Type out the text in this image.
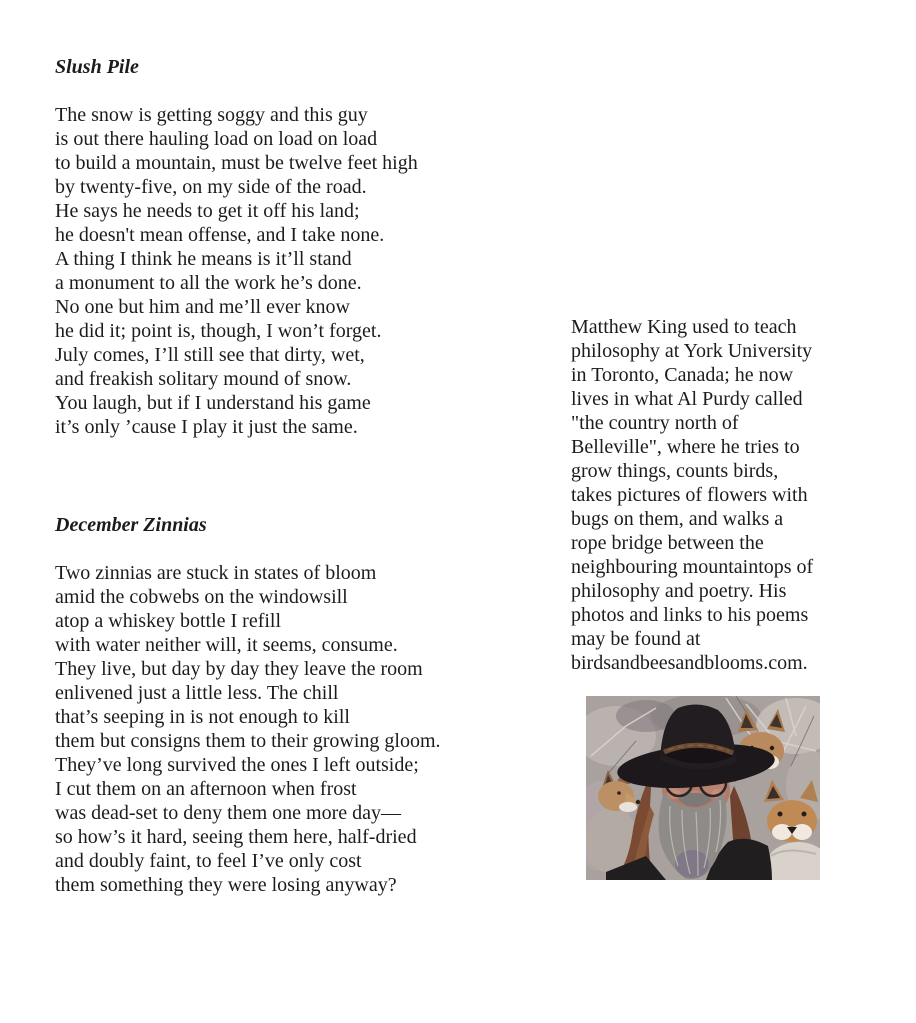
Slush Pile
The snow is getting soggy and this guy
is out there hauling load on load on load
to build a mountain, must be twelve feet high
by twenty-five, on my side of the road.
He says he needs to get it off his land;
he doesn't mean offense, and I take none.
A thing I think he means is it’ll stand
a monument to all the work he’s done.
No one but him and me’ll ever know
he did it; point is, though, I won’t forget.
July comes, I’ll still see that dirty, wet,
and freakish solitary mound of snow.
You laugh, but if I understand his game
it’s only ’cause I play it just the same.
December Zinnias
Two zinnias are stuck in states of bloom
amid the cobwebs on the windowsill
atop a whiskey bottle I refill
with water neither will, it seems, consume.
They live, but day by day they leave the room
enlivened just a little less. The chill
that’s seeping in is not enough to kill
them but consigns them to their growing gloom.
They’ve long survived the ones I left outside;
I cut them on an afternoon when frost
was dead-set to deny them one more day—
so how’s it hard, seeing them here, half-dried
and doubly faint, to feel I’ve only cost
them something they were losing anyway?
Matthew King used to teach
philosophy at York University
in Toronto, Canada; he now
lives in what Al Purdy called
"the country north of
Belleville", where he tries to
grow things, counts birds,
takes pictures of flowers with
bugs on them, and walks a
rope bridge between the
neighbouring mountaintops of
philosophy and poetry. His
photos and links to his poems
may be found at
birdsandbeesandblooms.com.
